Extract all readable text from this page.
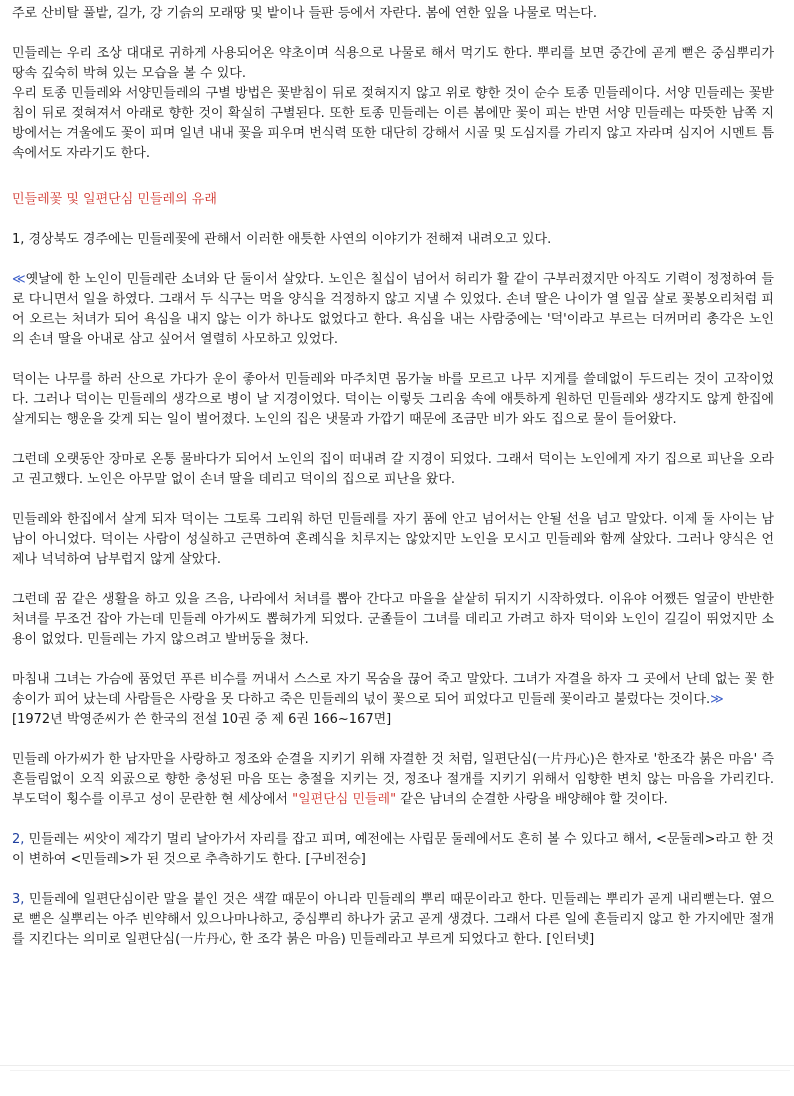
주로 산비탈 풀밭, 길가, 강 기슭의 모래땅 및 밭이나 들판 등에서 자란다. 봄에 연한 잎을 나물로 먹는다.

민들레는 우리 조상 대대로 귀하게 사용되어온 약초이며 식용으로 나물로 해서 먹기도 한다. 뿌리를 보면 중간에 곧게 뻗은 중심뿌리가 땅속 깊숙히 박혀 있는 모습을 볼 수 있다.

우리 토종 민들레와 서양민들레의 구별 방법은 꽃받침이 뒤로 젖혀지지 않고 위로 향한 것이 순수 토종 민들레이다. 서양 민들레는 꽃받침이 뒤로 젖혀져서 아래로 향한 것이 확실히 구별된다. 또한 토종 민들레는 이른 봄에만 꽃이 피는 반면 서양 민들레는 따뜻한 남쪽 지방에서는 겨울에도 꽃이 피며 일년 내내 꽃을 피우며 번식력 또한 대단히 강해서 시골 및 도심지를 가리지 않고 자라며 심지어 시멘트 틈속에서도 자라기도 한다.

민들레꽃 및 일편단심 민들레의 유래

1, 경상북도 경주에는 민들레꽃에 관해서 이러한 애틋한 사연의 이야기가 전해져 내려오고 있다.

≪옛날에 한 노인이 민들레란 소녀와 단 둘이서 살았다. 노인은 칠십이 넘어서 허리가 활 같이 구부러졌지만 아직도 기력이 정정하여 들로 다니면서 일을 하였다. 그래서 두 식구는 먹을 양식을 걱정하지 않고 지낼 수 있었다. 손녀 딸은 나이가 열 일곱 살로 꽃봉오리처럼 피어 오르는 처녀가 되어 욕심을 내지 않는 이가 하나도 없었다고 한다. 욕심을 내는 사람중에는 '덕'이라고 부르는 더꺼머리 총각은 노인의 손녀 딸을 아내로 삼고 싶어서 열렬히 사모하고 있었다.

덕이는 나무를 하러 산으로 가다가 운이 좋아서 민들레와 마주치면 몸가눌 바를 모르고 나무 지게를 쓸데없이 두드리는 것이 고작이었다. 그러나 덕이는 민들레의 생각으로 병이 날 지경이었다. 덕이는 이렇듯 그리움 속에 애틋하게 원하던 민들레와 생각지도 않게 한집에 살게되는 행운을 갖게 되는 일이 벌어졌다. 노인의 집은 냇물과 가깝기 때문에 조금만 비가 와도 집으로 물이 들어왔다.

그런데 오랫동안 장마로 온통 물바다가 되어서 노인의 집이 떠내려 갈 지경이 되었다. 그래서 덕이는 노인에게 자기 집으로 피난을 오라고 권고했다. 노인은 아무말 없이 손녀 딸을 데리고 덕이의 집으로 피난을 왔다.

민들레와 한집에서 살게 되자 덕이는 그토록 그리워 하던 민들레를 자기 품에 안고 넘어서는 안될 선을 넘고 말았다. 이제 둘 사이는 남남이 아니었다. 덕이는 사람이 성실하고 근면하여 혼례식을 치루지는 않았지만 노인을 모시고 민들레와 함께 살았다. 그러나 양식은 언제나 넉넉하여 남부럽지 않게 살았다.

그런데 꿈 같은 생활을 하고 있을 즈음, 나라에서 처녀를 뽑아 간다고 마을을 샅샅히 뒤지기 시작하였다. 이유야 어쨌든 얼굴이 반반한 처녀를 무조건 잡아 가는데 민들레 아가씨도 뽑혀가게 되었다. 군졸들이 그녀를 데리고 가려고 하자 덕이와 노인이 길길이 뛰었지만 소용이 없었다. 민들레는 가지 않으려고 발버둥을 쳤다.

마침내 그녀는 가슴에 품었던 푸른 비수를 꺼내서 스스로 자기 목숨을 끊어 죽고 말았다. 그녀가 자결을 하자 그 곳에서 난데 없는 꽃 한 송이가 피어 났는데 사람들은 사랑을 못 다하고 죽은 민들레의 넋이 꽃으로 되어 피었다고 민들레 꽃이라고 불렀다는 것이다.≫

[1972년 박영준씨가 쓴 한국의 전설 10권 중 제 6권 166~167면]

민들레 아가씨가 한 남자만을 사랑하고 정조와 순결을 지키기 위해 자결한 것 처럼, 일편단심(一片丹心)은 한자로 '한조각 붉은 마음' 즉 흔들림없이 오직 외곬으로 향한 충성된 마음 또는 충절을 지키는 것, 정조나 절개를 지키기 위해서 임향한 변치 않는 마음을 가리킨다. 부도덕이 횡수를 이루고 성이 문란한 현 세상에서 "일편단심 민들레" 같은 남녀의 순결한 사랑을 배양해야 할 것이다.

2, 민들레는 씨앗이 제각기 멀리 날아가서 자리를 잡고 피며, 예전에는 사립문 둘레에서도 흔히 볼 수 있다고 해서, <문둘레>라고 한 것이 변하여 <민들레>가 된 것으로 추측하기도 한다. [구비전승]

3, 민들레에 일편단심이란 말을 붙인 것은 색깔 때문이 아니라 민들레의 뿌리 때문이라고 한다. 민들레는 뿌리가 곧게 내리뻗는다. 옆으로 뻗은 실뿌리는 아주 빈약해서 있으나마나하고, 중심뿌리 하나가 굵고 곧게 생겼다. 그래서 다른 일에 흔들리지 않고 한 가지에만 절개를 지킨다는 의미로 일편단심(一片丹心, 한 조각 붉은 마음) 민들레라고 부르게 되었다고 한다. [인터넷]
